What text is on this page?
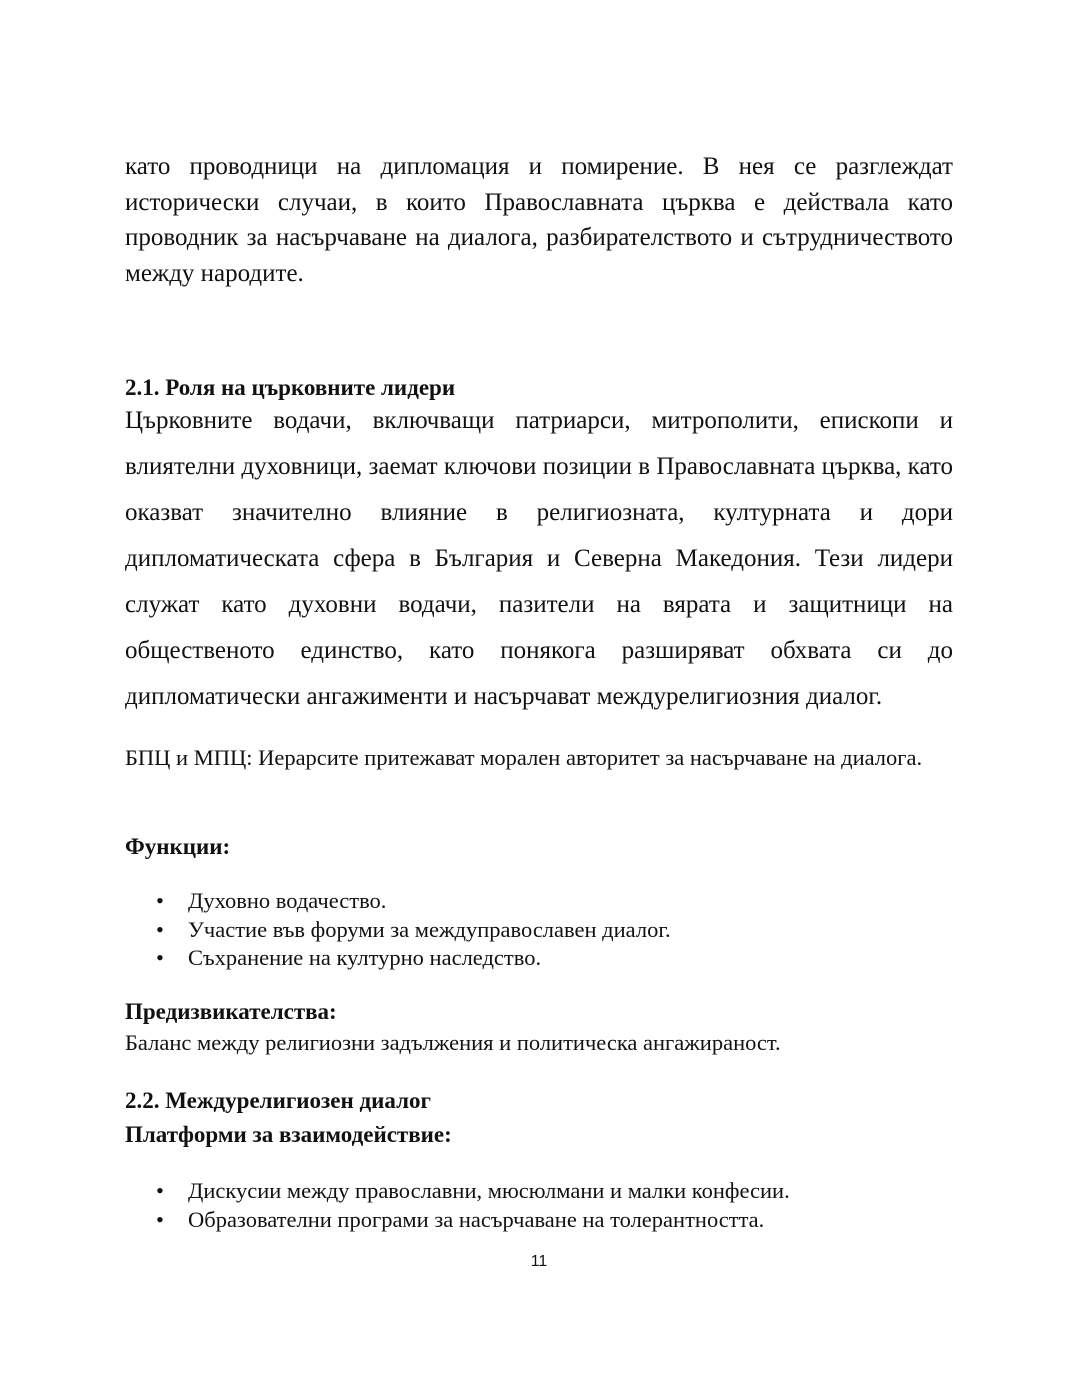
като проводници на дипломация и помирение. В нея се разглеждат исторически случаи, в които Православната църква е действала като проводник за насърчаване на диалога, разбирателството и сътрудничеството между народите.

2.1. Роля на църковните лидери

Църковните водачи, включващи патриарси, митрополити, епископи и влиятелни духовници, заемат ключови позиции в Православната църква, като оказват значително влияние в религиозната, културната и дори дипломатическата сфера в България и Северна Македония. Тези лидери служат като духовни водачи, пазители на вярата и защитници на общественото единство, като понякога разширяват обхвата си до дипломатически ангажименти и насърчават междурелигиозния диалог.

БПЦ и МПЦ: Иерарсите притежават морален авторитет за насърчаване на диалога.

Функции:
• Духовно водачество.
• Участие във форуми за междуправославен диалог.
• Съхранение на културно наследство.
Предизвикателства:

Баланс между религиозни задължения и политическа ангажираност.

2.2. Междурелигиозен диалог
Платформи за взаимодействие:
• Дискусии между православни, мюсюлмани и малки конфесии.
• Образователни програми за насърчаване на толерантността.
11
